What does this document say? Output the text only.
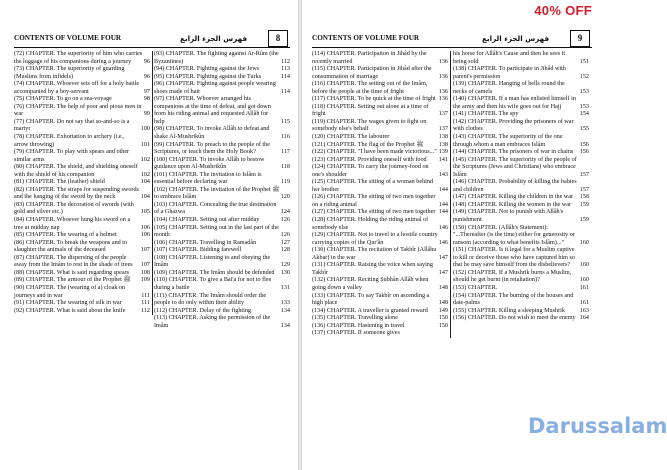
40% OFF
CONTENTS OF VOLUME FOUR	فهرس الجزء الرابع	8
(72) CHAPTER. The superiority of him who carries the luggage of his companions during a journey	96
(73) CHAPTER. The superiority of guarding (Muslims from infidels)	96
(74) CHAPTER. Whoever sets off for a holy battle accompanied by a boy-servant	97
(75) CHAPTER. To go on a sea-voyage	98
(76) CHAPTER. The help of poor and pious men in war	99
(77) CHAPTER. Do not say that so-and-so is a martyr	100
(78) CHAPTER. Exhortation to archery (i.e., arrow throwing)	101
(79) CHAPTER. To play with spears and other similar arms	102
(80) CHAPTER. The shield, and shielding oneself with the shield of his companion	102
(81) CHAPTER. The (leather) shield	104
(82) CHAPTER. The straps for suspending swords and the hanging of the sword by the neck	104
(83) CHAPTER. The decoration of swords (with gold and silver etc.)	105
(84) CHAPTER. Whoever hung his sword on a tree at midday nap	106
(85) CHAPTER. The wearing of a helmet	106
(86) CHAPTER. To break the weapons and to slaughter the animals of the deceased	107
(87) CHAPTER. The dispersing of the people away from the Imâm to rest in the shade of trees	107
(88) CHAPTER. What is said regarding spears	108
(89) CHAPTER. The armour of the Prophet ﷺ	109
(90) CHAPTER. The (wearing of a) cloak on journeys and in war	111
(91) CHAPTER. The wearing of silk in war	111
(92) CHAPTER. What is said about the knife	112
(93) CHAPTER. The fighting against Ar-Rûm (the Byzantines)	112
(94) CHAPTER. Fighting against the Jews	113
(95) CHAPTER. Fighting against the Turks	114
(96) CHAPTER. Fighting against people wearing shoes made of hair	114
(97) CHAPTER. Whoever arranged his companions at the time of defeat, and got down from his riding animal and requested Allâh for help	115
(98) CHAPTER. To invoke Allâh to defeat and shake Al-Mushrikûn	116
(99) CHAPTER. To preach to the people of the Scriptures, or teach them the Holy Book?	117
(100) CHAPTER. To invoke Allâh to bestow guidance upon Al-Mushrikûn	118
(101) CHAPTER. The invitation to Islâm is essential before declaring war	119
(102) CHAPTER. The invitation of the Prophet ﷺ to embrace Islâm	120
(103) CHAPTER. Concealing the true destination of a Ghazwa	124
(104) CHAPTER. Setting out after midday	126
(105) CHAPTER. Setting out in the last part of the month	126
(106) CHAPTER. Travelling in Ramadân	127
(107) CHAPTER. Bidding farewell	128
(108) CHAPTER. Listening to and obeying the Imâm	129
(109) CHAPTER. The Imâm should be defended	130
(110) CHAPTER. To give a Bai'a for not to flee during a battle	131
(111) CHAPTER. The Imâm should order the people to do only within their ability	133
(112) CHAPTER. Delay of the fighting	134
(113) CHAPTER. Asking the permission of the Imâm	134
CONTENTS OF VOLUME FOUR	فهرس الجزء الرابع	9
(114) CHAPTER. Participation in Jihâd by the recently married	136
(115) CHAPTER. Participation in Jihâd after the consummation of marriage	136
(116) CHAPTER. The setting out of the Imâm, before the people at the time of fright	136
(117) CHAPTER. To be quick at the time of fright 136
(118) CHAPTER. Setting out alone at a time of fright	137
(119) CHAPTER. The wages given to fight on somebody else's behalf	137
(120) CHAPTER. The labourer	138
(121) CHAPTER. The flag of the Prophet ﷺ	138
(122) CHAPTER. "I have been made victorious..." 139
(123) CHAPTER. Providing oneself with food	141
(124) CHAPTER. To carry the journey-food on one's shoulder	143
(125) CHAPTER. The sitting of a woman behind her brother	144
(126) CHAPTER. The sitting of two men together on a riding animal	144
(127) CHAPTER. The sitting of two men together 144
(128) CHAPTER. Holding the riding animal of somebody else	146
(129) CHAPTER. Not to travel to a hostile country carrying copies of the Qur'ân	146
(130) CHAPTER. The recitation of Takbîr (Allâhu Akbar) in the war	147
(131) CHAPTER. Raising the voice when saying Takbîr	147
(132) CHAPTER. Reciting Subhân Allâh when going down a valley	148
(133) CHAPTER. To say Takbîr on ascending a high place	148
(134) CHAPTER. A traveller is granted reward	149
(135) CHAPTER. Travelling alone	150
(136) CHAPTER. Hastening in travel	150
(137) CHAPTER. If someone gives
his horse for Allâh's Cause and then he sees it being sold	151
(138) CHAPTER. To participate in Jihâd with parent's permission	152
(139) CHAPTER. Hanging of bells round the necks of camels	153
(140) CHAPTER. If a man has enlisted himself in the army and then his wife goes out for Hajj	153
(141) CHAPTER. The spy	154
(142) CHAPTER. Providing the prisoners of war with clothes	155
(143) CHAPTER. The superiority of the one through whom a man embraces Islâm	156
(144) CHAPTER. The prisoners of war in chains	156
(145) CHAPTER. The superiority of the people of the Scriptures (Jews and Christians) who embrace Islâm	157
(146) CHAPTER. Probability of killing the babies and children	157
(147) CHAPTER. Killing the children in the war	158
(148) CHAPTER. Killing the women in the war	159
(149) CHAPTER. Not to punish with Allâh's punishment	159
(150) CHAPTER. (Allâh's Statement): "...Thereafter (is the time) either for generosity or ransom (according to what benefits Islâm)..."	160
(151) CHAPTER. Is it legal for a Muslim captive to kill or deceive those who have captured him so that he may save himself from the disbelievers?	160
(152) CHAPTER. If a Mushrik burns a Muslim, should he get burnt (in retaliation)?	160
(153) CHAPTER.	161
(154) CHAPTER. The burning of the houses and date-palms	161
(155) CHAPTER. Killing a sleeping Mushrik	163
(156) CHAPTER. Do not wish to meet the enemy 164
Darussalam
